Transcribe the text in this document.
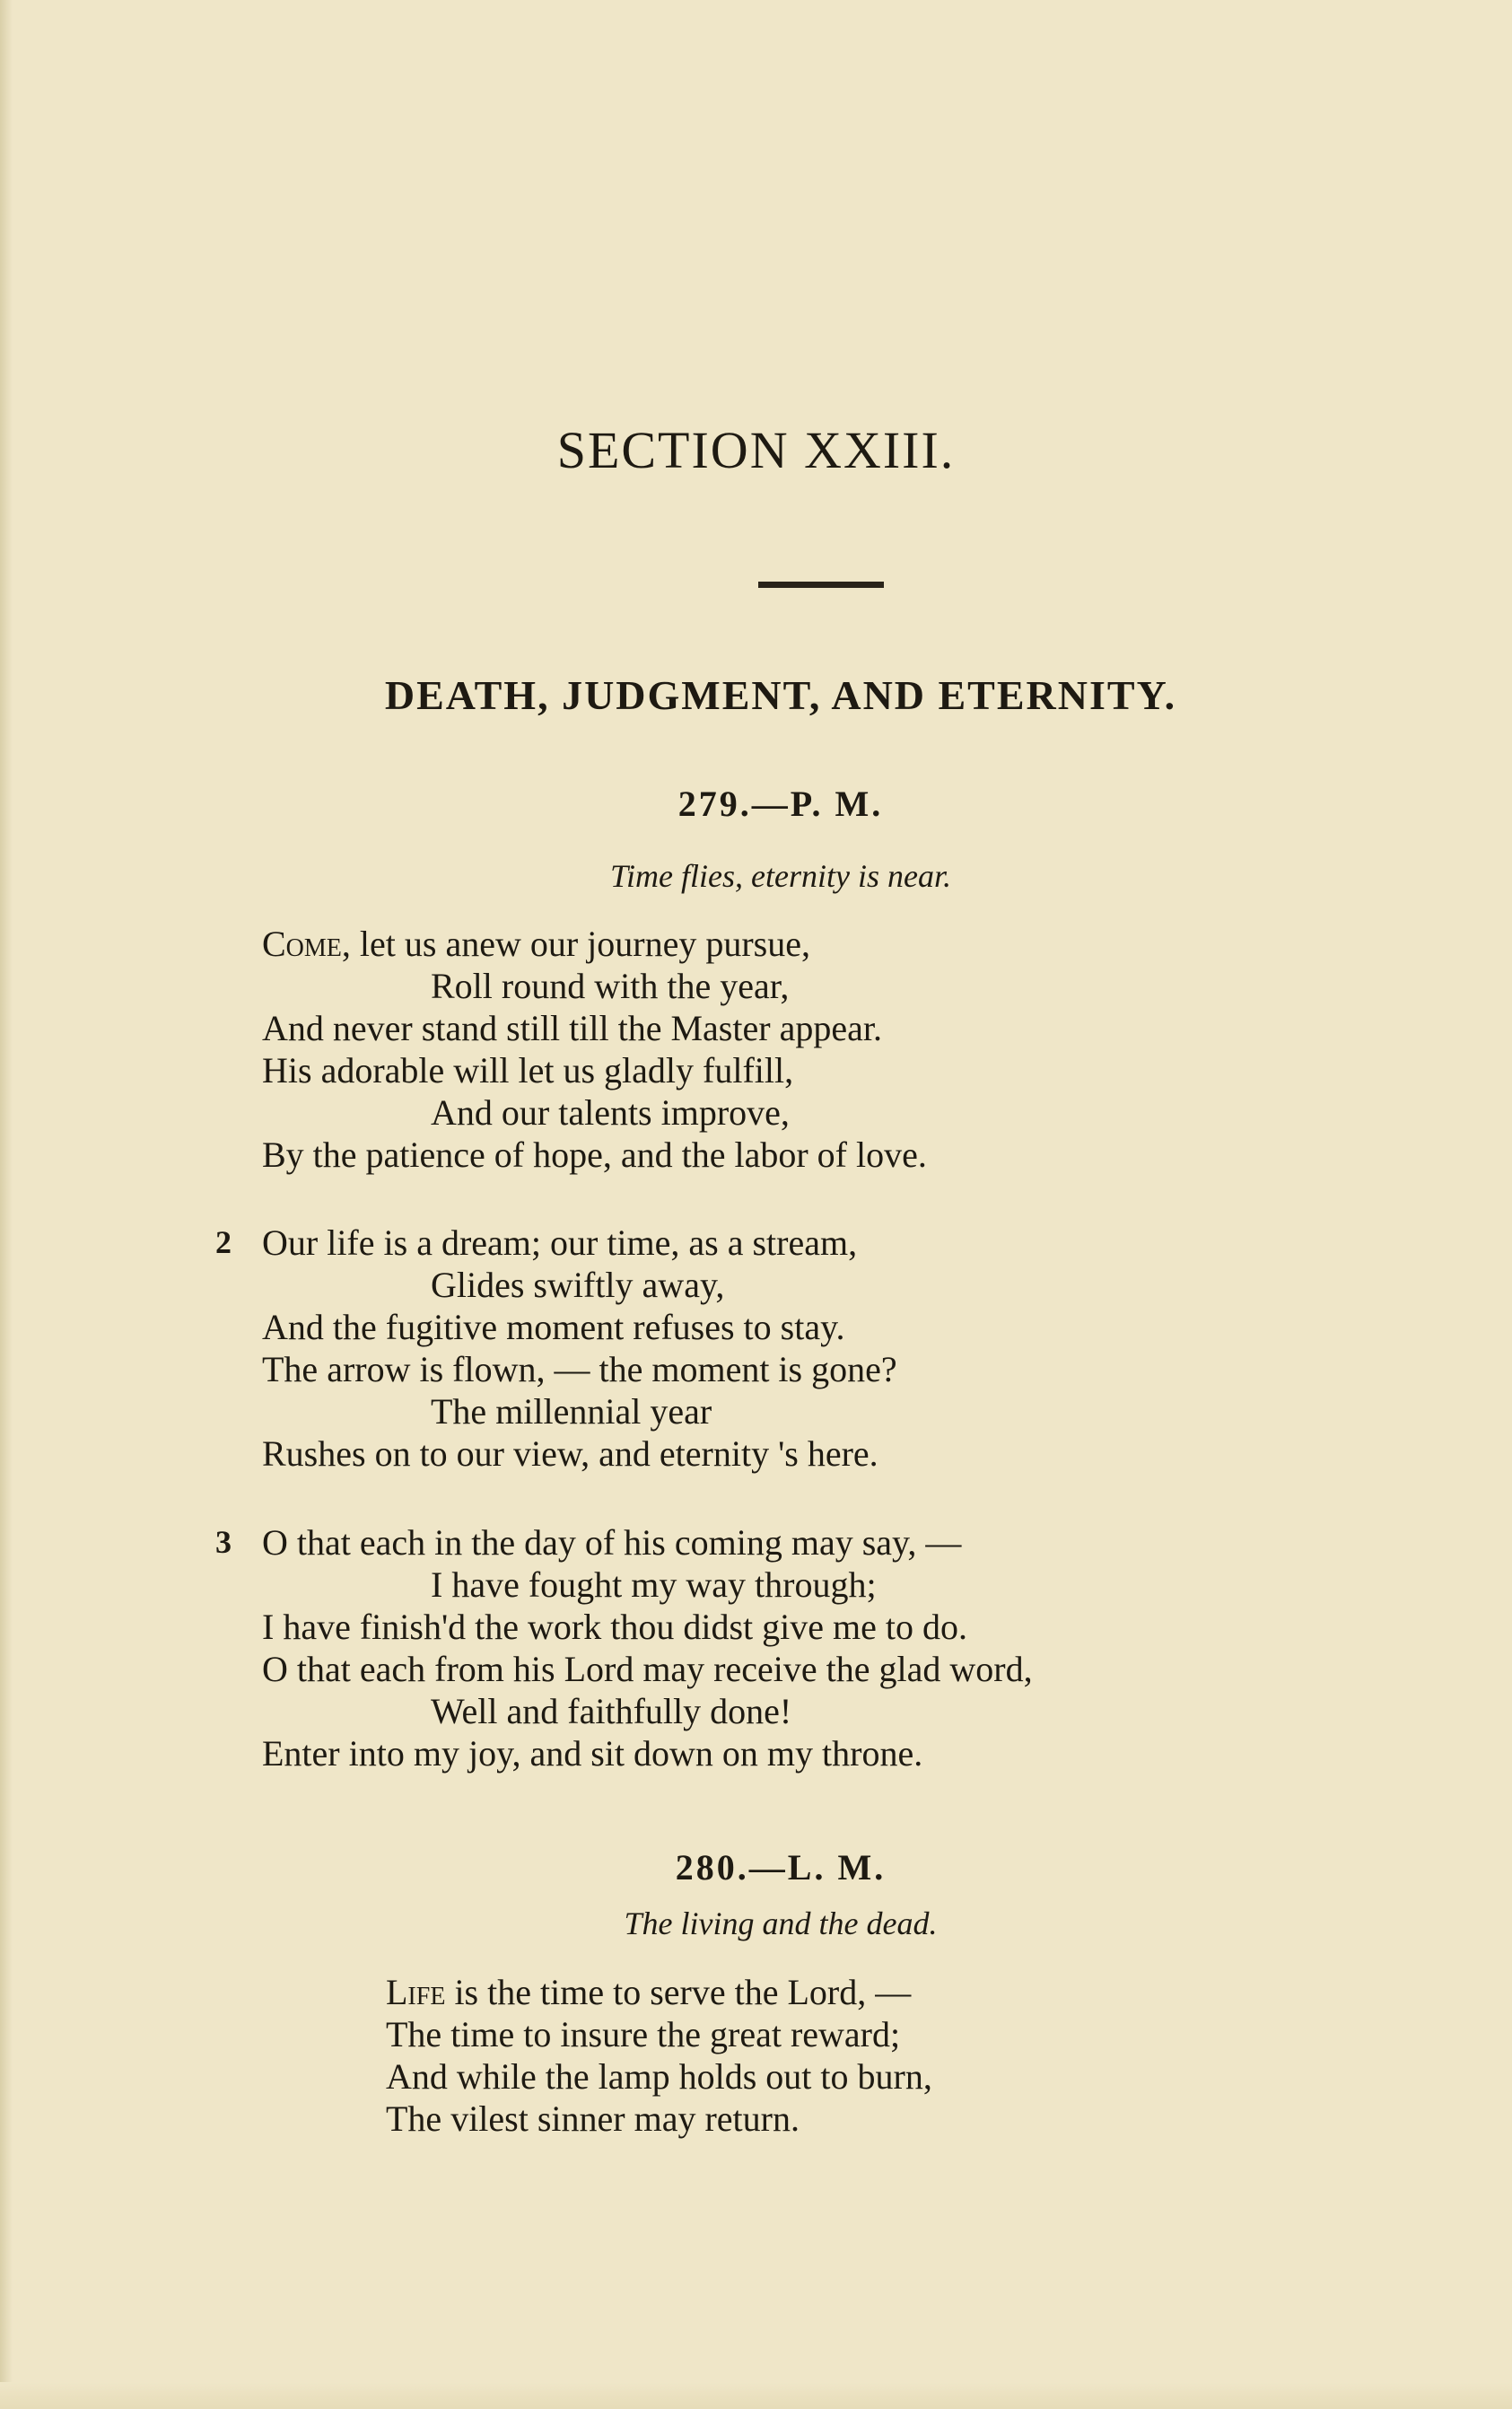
SECTION XXIII.
DEATH, JUDGMENT, AND ETERNITY.
279.—P. M.
Time flies, eternity is near.
Come, let us anew our journey pursue,
Roll round with the year,
And never stand still till the Master appear.
His adorable will let us gladly fulfill,
And our talents improve,
By the patience of hope, and the labor of love.
2 Our life is a dream; our time, as a stream,
Glides swiftly away,
And the fugitive moment refuses to stay.
The arrow is flown, — the moment is gone?
The millennial year
Rushes on to our view, and eternity 's here.
3 O that each in the day of his coming may say, —
I have fought my way through;
I have finish'd the work thou didst give me to do.
O that each from his Lord may receive the glad word,
Well and faithfully done!
Enter into my joy, and sit down on my throne.
280.—L. M.
The living and the dead.
Life is the time to serve the Lord, —
The time to insure the great reward;
And while the lamp holds out to burn,
The vilest sinner may return.
